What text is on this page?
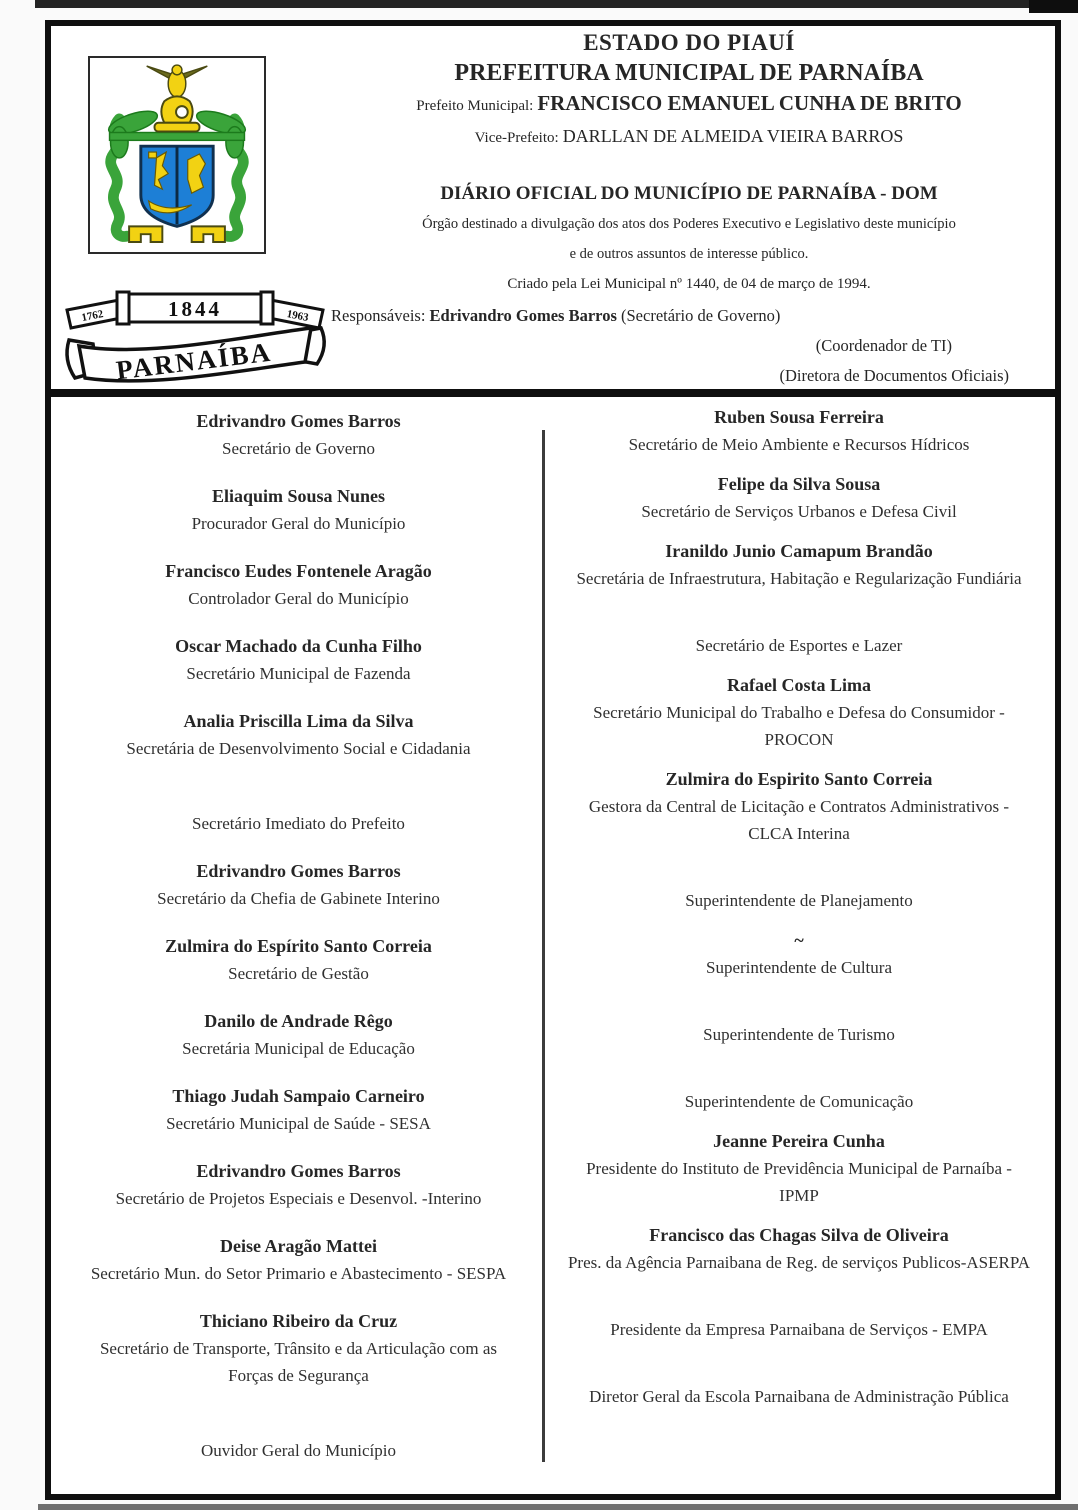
1762	1844	1963
PARNAÍBA
ESTADO DO PIAUÍ
PREFEITURA MUNICIPAL DE PARNAÍBA
Prefeito Municipal: FRANCISCO EMANUEL CUNHA DE BRITO
Vice-Prefeito: DARLLAN DE ALMEIDA VIEIRA BARROS
DIÁRIO OFICIAL DO MUNICÍPIO DE PARNAÍBA - DOM
Órgão destinado a divulgação dos atos dos Poderes Executivo e Legislativo deste município
e de outros assuntos de interesse público.
Criado pela Lei Municipal nº 1440, de 04 de março de 1994.
Responsáveis: Edrivandro Gomes Barros (Secretário de Governo)
(Coordenador de TI)
(Diretora de Documentos Oficiais)
Edrivandro Gomes Barros
Secretário de Governo
Eliaquim Sousa Nunes
Procurador Geral do Município
Francisco Eudes Fontenele Aragão
Controlador Geral do Município
Oscar Machado da Cunha Filho
Secretário Municipal de Fazenda
Analia Priscilla Lima da Silva
Secretária de Desenvolvimento Social e Cidadania

Secretário Imediato do Prefeito
Edrivandro Gomes Barros
Secretário da Chefia de Gabinete Interino
Zulmira do Espírito Santo Correia
Secretário de Gestão
Danilo de Andrade Rêgo
Secretária Municipal de Educação
Thiago Judah Sampaio Carneiro
Secretário Municipal de Saúde - SESA
Edrivandro Gomes Barros
Secretário de Projetos Especiais e Desenvol. -Interino
Deise Aragão Mattei
Secretário Mun. do Setor Primario e Abastecimento - SESPA
Thiciano Ribeiro da Cruz
Secretário de Transporte, Trânsito e da Articulação com as Forças de Segurança

Ouvidor Geral do Município
Ruben Sousa Ferreira
Secretário de Meio Ambiente e Recursos Hídricos
Felipe da Silva Sousa
Secretário de Serviços Urbanos e Defesa Civil
Iranildo Junio Camapum Brandão
Secretária de Infraestrutura, Habitação e Regularização Fundiária

Secretário de Esportes e Lazer
Rafael Costa Lima
Secretário Municipal do Trabalho e Defesa do Consumidor - PROCON
Zulmira do Espirito Santo Correia
Gestora da Central de Licitação e Contratos Administrativos - CLCA Interina

Superintendente de Planejamento
~
Superintendente de Cultura

Superintendente de Turismo

Superintendente de Comunicação
Jeanne Pereira Cunha
Presidente do Instituto de Previdência Municipal de Parnaíba - IPMP
Francisco das Chagas Silva de Oliveira
Pres. da Agência Parnaibana de Reg. de serviços Publicos-ASERPA

Presidente da Empresa Parnaibana de Serviços - EMPA

Diretor Geral da Escola Parnaibana de Administração Pública
